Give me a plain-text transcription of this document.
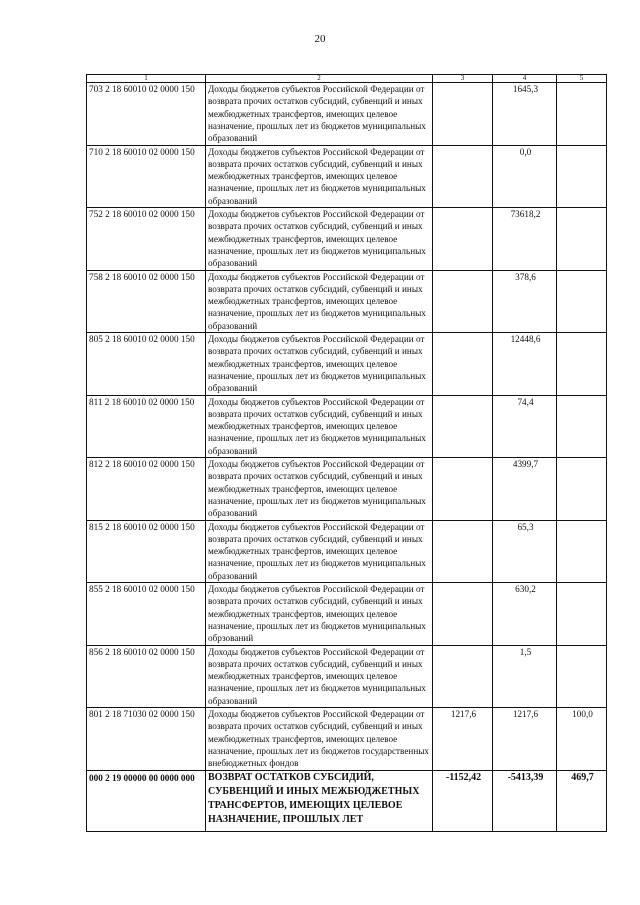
20
1	2	3	4	5
703 2 18 60010 02 0000 150	Доходы бюджетов субъектов Российской Федерации от возврата прочих остатков субсидий, субвенций и иных межбюджетных трансфертов, имеющих целевое назначение, прошлых лет из бюджетов муниципальных образований		1645,3	
710 2 18 60010 02 0000 150	Доходы бюджетов субъектов Российской Федерации от возврата прочих остатков субсидий, субвенций и иных межбюджетных трансфертов, имеющих целевое назначение, прошлых лет из бюджетов муниципальных образований		0,0	
752 2 18 60010 02 0000 150	Доходы бюджетов субъектов Российской Федерации от возврата прочих остатков субсидий, субвенций и иных межбюджетных трансфертов, имеющих целевое назначение, прошлых лет из бюджетов муниципальных образований		73618,2	
758 2 18 60010 02 0000 150	Доходы бюджетов субъектов Российской Федерации от возврата прочих остатков субсидий, субвенций и иных межбюджетных трансфертов, имеющих целевое назначение, прошлых лет из бюджетов муниципальных образований		378,6	
805 2 18 60010 02 0000 150	Доходы бюджетов субъектов Российской Федерации от возврата прочих остатков субсидий, субвенций и иных межбюджетных трансфертов, имеющих целевое назначение, прошлых лет из бюджетов муниципальных образований		12448,6	
811 2 18 60010 02 0000 150	Доходы бюджетов субъектов Российской Федерации от возврата прочих остатков субсидий, субвенций и иных межбюджетных трансфертов, имеющих целевое назначение, прошлых лет из бюджетов муниципальных образований		74,4	
812 2 18 60010 02 0000 150	Доходы бюджетов субъектов Российской Федерации от возврата прочих остатков субсидий, субвенций и иных межбюджетных трансфертов, имеющих целевое назначение, прошлых лет из бюджетов муниципальных образований		4399,7	
815 2 18 60010 02 0000 150	Доходы бюджетов субъектов Российской Федерации от возврата прочих остатков субсидий, субвенций и иных межбюджетных трансфертов, имеющих целевое назначение, прошлых лет из бюджетов муниципальных образований		65,3	
855 2 18 60010 02 0000 150	Доходы бюджетов субъектов Российской Федерации от возврата прочих остатков субсидий, субвенций и иных межбюджетных трансфертов, имеющих целевое назначение, прошлых лет из бюджетов муниципальных обрзований		630,2	
856 2 18 60010 02 0000 150	Доходы бюджетов субъектов Российской Федерации от возврата прочих остатков субсидий, субвенций и иных межбюджетных трансфертов, имеющих целевое назначение, прошлых лет из бюджетов муниципальных образований		1,5	
801 2 18 71030 02 0000 150	Доходы бюджетов субъектов Российской Федерации от возврата прочих остатков субсидий, субвенций и иных межбюджетных трансфертов, имеющих целевое назначение, прошлых лет из бюджетов государственных внебюджетных фондов	1217,6	1217,6	100,0
000 2 19 00000 00 0000 000	ВОЗВРАТ ОСТАТКОВ СУБСИДИЙ, СУБВЕНЦИЙ И ИНЫХ МЕЖБЮДЖЕТНЫХ ТРАНСФЕРТОВ, ИМЕЮЩИХ ЦЕЛЕВОЕ НАЗНАЧЕНИЕ, ПРОШЛЫХ ЛЕТ	-1152,42	-5413,39	469,7
